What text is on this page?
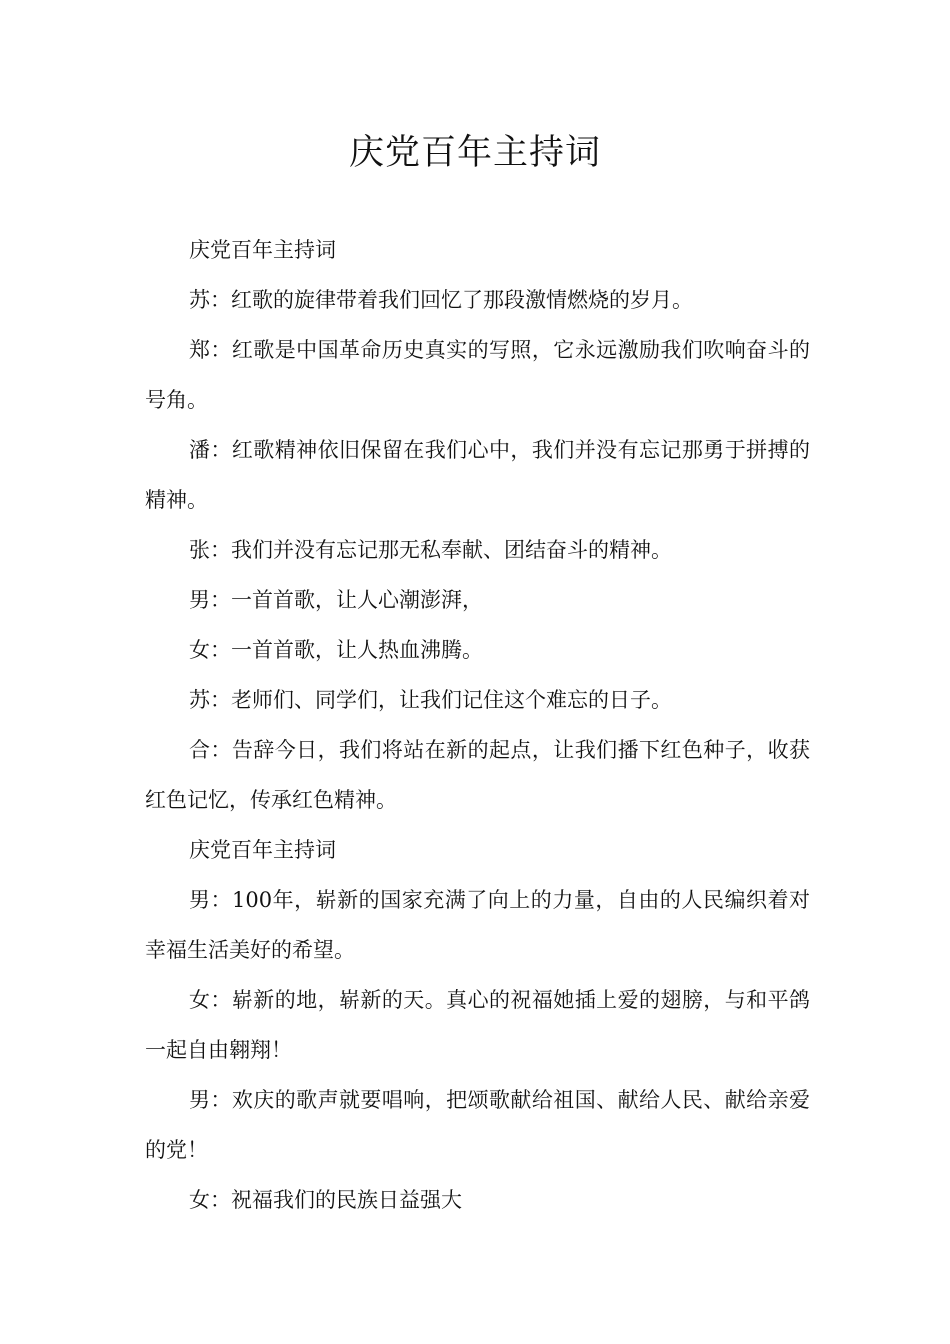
庆党百年主持词

庆党百年主持词

苏：红歌的旋律带着我们回忆了那段激情燃烧的岁月。

郑：红歌是中国革命历史真实的写照，它永远激励我们吹响奋斗的号角。

潘：红歌精神依旧保留在我们心中，我们并没有忘记那勇于拼搏的精神。

张：我们并没有忘记那无私奉献、团结奋斗的精神。

男：一首首歌，让人心潮澎湃，

女：一首首歌，让人热血沸腾。

苏：老师们、同学们，让我们记住这个难忘的日子。

合：告辞今日，我们将站在新的起点，让我们播下红色种子，收获红色记忆，传承红色精神。

庆党百年主持词

男：100年，崭新的国家充满了向上的力量，自由的人民编织着对幸福生活美好的希望。

女：崭新的地，崭新的天。真心的祝福她插上爱的翅膀，与和平鸽一起自由翱翔！

男：欢庆的歌声就要唱响，把颂歌献给祖国、献给人民、献给亲爱的党！

女：祝福我们的民族日益强大
